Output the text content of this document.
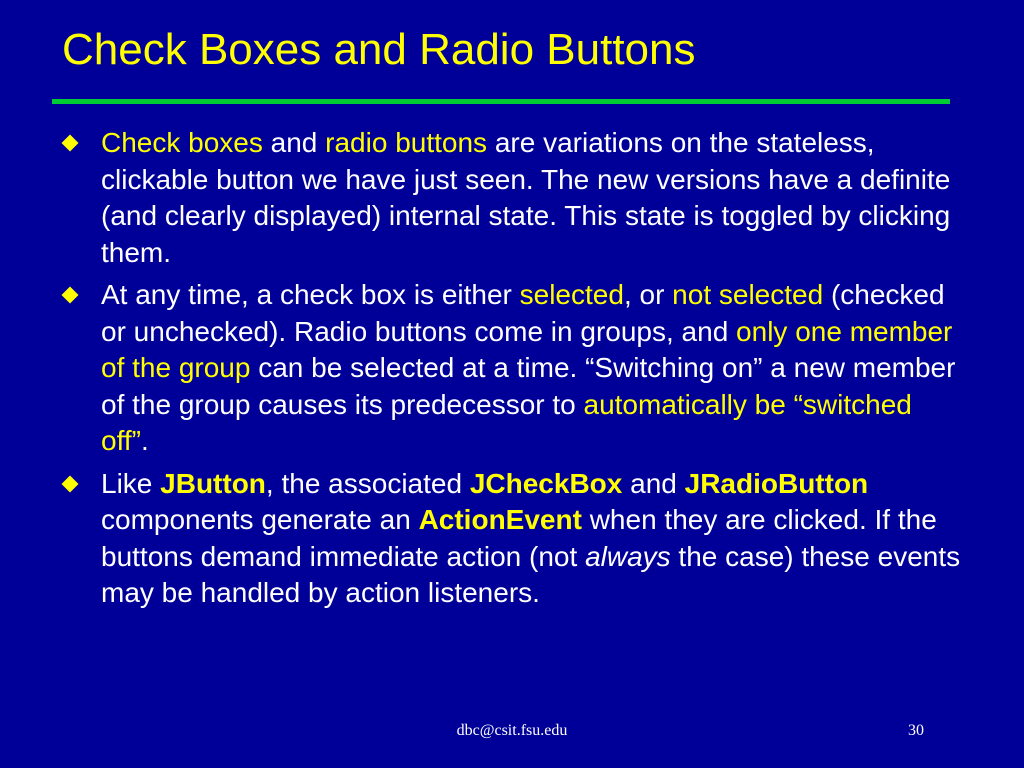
Check Boxes and Radio Buttons
Check boxes and radio buttons are variations on the stateless, clickable button we have just seen. The new versions have a definite (and clearly displayed) internal state. This state is toggled by clicking them.
At any time, a check box is either selected, or not selected (checked or unchecked). Radio buttons come in groups, and only one member of the group can be selected at a time. “Switching on” a new member of the group causes its predecessor to automatically be “switched off”.
Like JButton, the associated JCheckBox and JRadioButton components generate an ActionEvent when they are clicked. If the buttons demand immediate action (not always the case) these events may be handled by action listeners.
dbc@csit.fsu.edu	30
